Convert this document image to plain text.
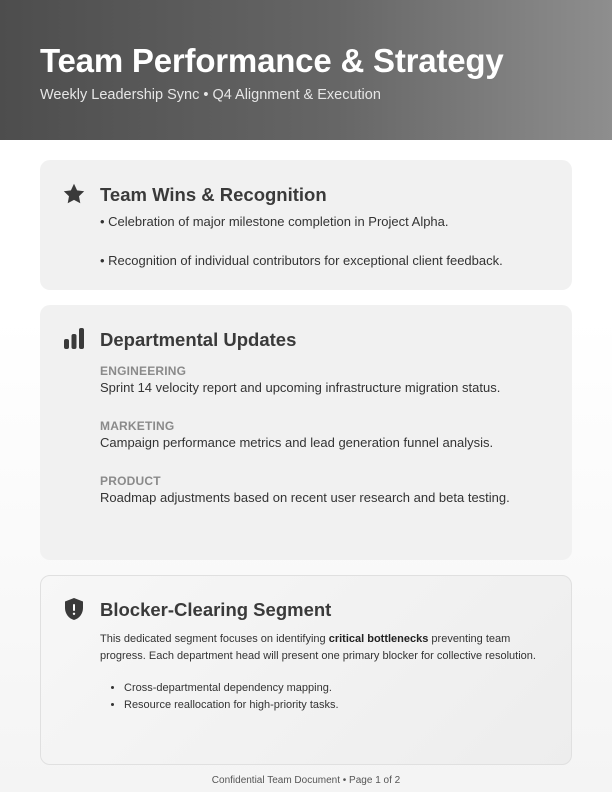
Team Performance & Strategy
Weekly Leadership Sync • Q4 Alignment & Execution
Team Wins & Recognition
• Celebration of major milestone completion in Project Alpha.
• Recognition of individual contributors for exceptional client feedback.
Departmental Updates
ENGINEERING
Sprint 14 velocity report and upcoming infrastructure migration status.
MARKETING
Campaign performance metrics and lead generation funnel analysis.
PRODUCT
Roadmap adjustments based on recent user research and beta testing.
Blocker-Clearing Segment
This dedicated segment focuses on identifying critical bottlenecks preventing team progress. Each department head will present one primary blocker for collective resolution.
• Cross-departmental dependency mapping.
• Resource reallocation for high-priority tasks.
Confidential Team Document • Page 1 of 2
